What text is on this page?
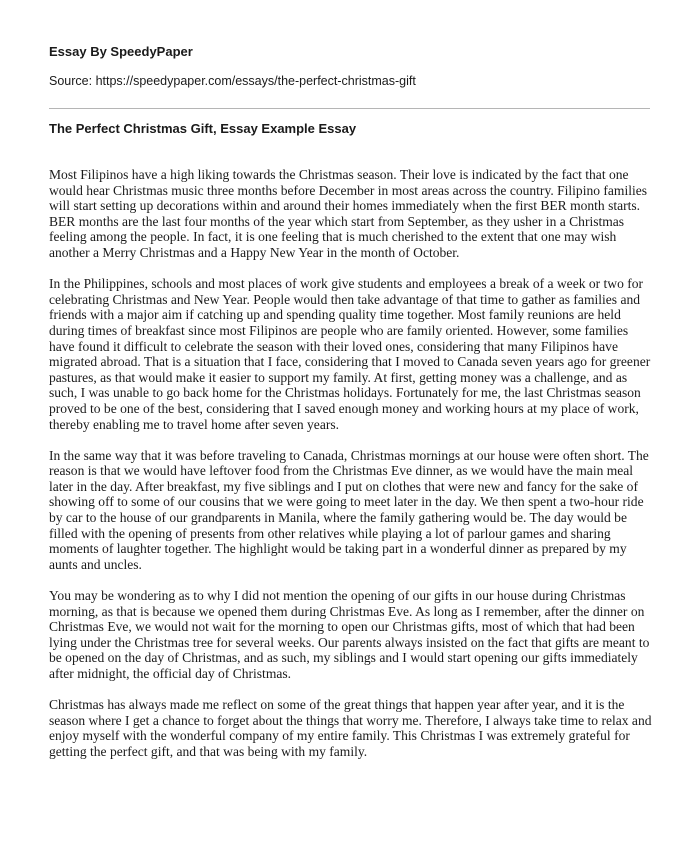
Essay By SpeedyPaper
Source: https://speedypaper.com/essays/the-perfect-christmas-gift
The Perfect Christmas Gift, Essay Example Essay

Most Filipinos have a high liking towards the Christmas season. Their love is indicated by the fact that one would hear Christmas music three months before December in most areas across the country. Filipino families will start setting up decorations within and around their homes immediately when the first BER month starts. BER months are the last four months of the year which start from September, as they usher in a Christmas feeling among the people. In fact, it is one feeling that is much cherished to the extent that one may wish another a Merry Christmas and a Happy New Year in the month of October.

In the Philippines, schools and most places of work give students and employees a break of a week or two for celebrating Christmas and New Year. People would then take advantage of that time to gather as families and friends with a major aim if catching up and spending quality time together. Most family reunions are held during times of breakfast since most Filipinos are people who are family oriented. However, some families have found it difficult to celebrate the season with their loved ones, considering that many Filipinos have migrated abroad. That is a situation that I face, considering that I moved to Canada seven years ago for greener pastures, as that would make it easier to support my family. At first, getting money was a challenge, and as such, I was unable to go back home for the Christmas holidays. Fortunately for me, the last Christmas season proved to be one of the best, considering that I saved enough money and working hours at my place of work, thereby enabling me to travel home after seven years.

In the same way that it was before traveling to Canada, Christmas mornings at our house were often short. The reason is that we would have leftover food from the Christmas Eve dinner, as we would have the main meal later in the day. After breakfast, my five siblings and I put on clothes that were new and fancy for the sake of showing off to some of our cousins that we were going to meet later in the day. We then spent a two-hour ride by car to the house of our grandparents in Manila, where the family gathering would be. The day would be filled with the opening of presents from other relatives while playing a lot of parlour games and sharing moments of laughter together. The highlight would be taking part in a wonderful dinner as prepared by my aunts and uncles.

You may be wondering as to why I did not mention the opening of our gifts in our house during Christmas morning, as that is because we opened them during Christmas Eve. As long as I remember, after the dinner on Christmas Eve, we would not wait for the morning to open our Christmas gifts, most of which that had been lying under the Christmas tree for several weeks. Our parents always insisted on the fact that gifts are meant to be opened on the day of Christmas, and as such, my siblings and I would start opening our gifts immediately after midnight, the official day of Christmas.

Christmas has always made me reflect on some of the great things that happen year after year, and it is the season where I get a chance to forget about the things that worry me. Therefore, I always take time to relax and enjoy myself with the wonderful company of my entire family. This Christmas I was extremely grateful for getting the perfect gift, and that was being with my family.
